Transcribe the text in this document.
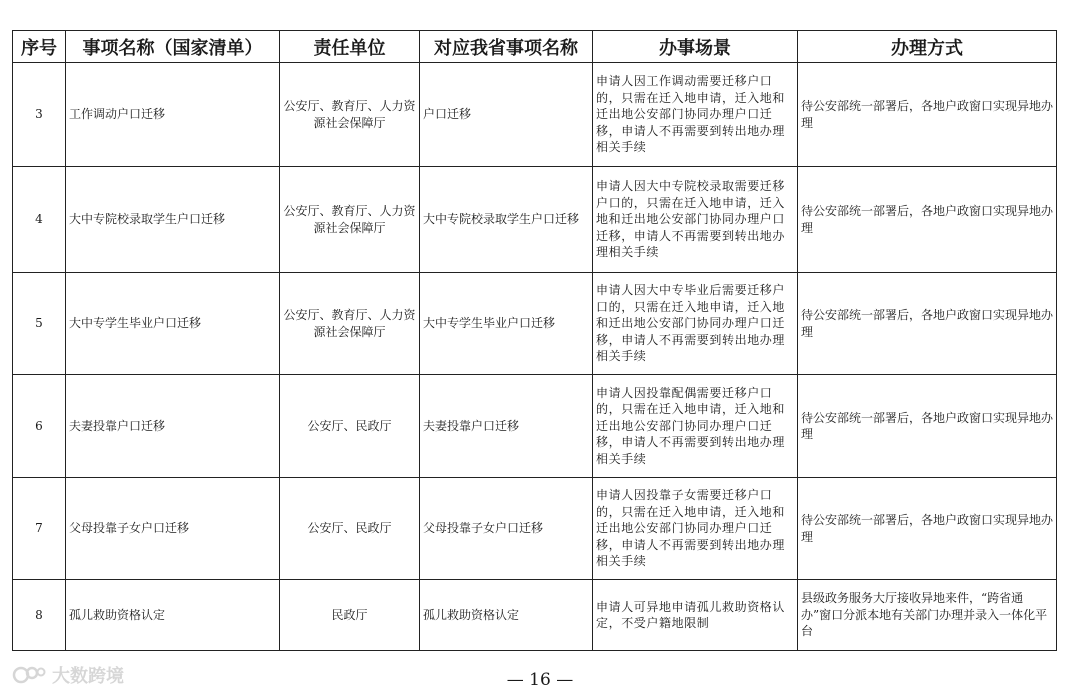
序号	事项名称（国家清单）	责任单位	对应我省事项名称	办事场景	办理方式
3	工作调动户口迁移	公安厅、教育厅、人力资源社会保障厅	户口迁移	申请人因工作调动需要迁移户口的，只需在迁入地申请，迁入地和迁出地公安部门协同办理户口迁移，申请人不再需要到转出地办理相关手续	待公安部统一部署后，各地户政窗口实现异地办理
4	大中专院校录取学生户口迁移	公安厅、教育厅、人力资源社会保障厅	大中专院校录取学生户口迁移	申请人因大中专院校录取需要迁移户口的，只需在迁入地申请，迁入地和迁出地公安部门协同办理户口迁移，申请人不再需要到转出地办理相关手续	待公安部统一部署后，各地户政窗口实现异地办理
5	大中专学生毕业户口迁移	公安厅、教育厅、人力资源社会保障厅	大中专学生毕业户口迁移	申请人因大中专毕业后需要迁移户口的，只需在迁入地申请，迁入地和迁出地公安部门协同办理户口迁移，申请人不再需要到转出地办理相关手续	待公安部统一部署后，各地户政窗口实现异地办理
6	夫妻投靠户口迁移	公安厅、民政厅	夫妻投靠户口迁移	申请人因投靠配偶需要迁移户口的，只需在迁入地申请，迁入地和迁出地公安部门协同办理户口迁移，申请人不再需要到转出地办理相关手续	待公安部统一部署后，各地户政窗口实现异地办理
7	父母投靠子女户口迁移	公安厅、民政厅	父母投靠子女户口迁移	申请人因投靠子女需要迁移户口的，只需在迁入地申请，迁入地和迁出地公安部门协同办理户口迁移，申请人不再需要到转出地办理相关手续	待公安部统一部署后，各地户政窗口实现异地办理
8	孤儿救助资格认定	民政厅	孤儿救助资格认定	申请人可异地申请孤儿救助资格认定，不受户籍地限制	县级政务服务大厅接收异地来件，“跨省通办”窗口分派本地有关部门办理并录入一体化平台
大数跨境	— 16 —
